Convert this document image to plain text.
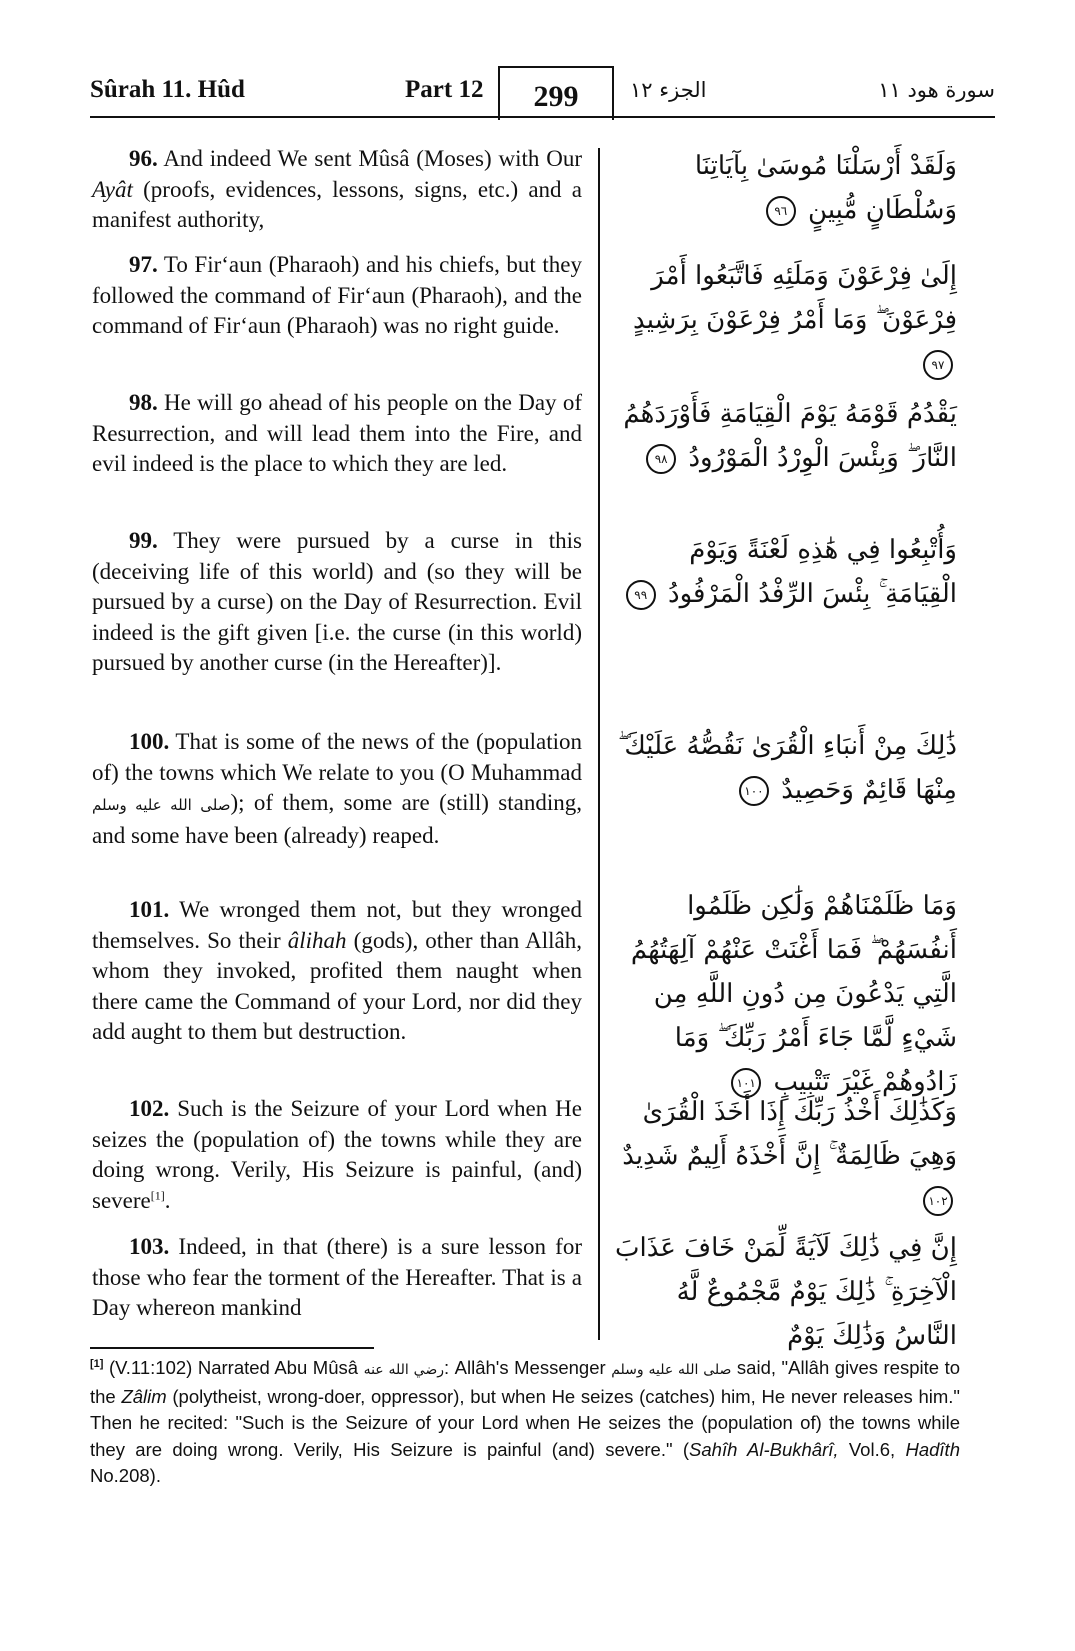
Sûrah 11. Hûd	Part 12	299	الجزء ١٢	سورة هود ١١

96. And indeed We sent Mûsâ (Moses) with Our Ayât (proofs, evidences, lessons, signs, etc.) and a manifest authority,

وَلَقَدْ أَرْسَلْنَا مُوسَىٰ بِآيَاتِنَا وَسُلْطَانٍ مُّبِينٍ ٩٦

97. To Fir‘aun (Pharaoh) and his chiefs, but they followed the command of Fir‘aun (Pharaoh), and the command of Fir‘aun (Pharaoh) was no right guide.

إِلَىٰ فِرْعَوْنَ وَمَلَئِهِ فَاتَّبَعُوا أَمْرَ فِرْعَوْنَ ۖ وَمَا أَمْرُ فِرْعَوْنَ بِرَشِيدٍ ٩٧

98. He will go ahead of his people on the Day of Resurrection, and will lead them into the Fire, and evil indeed is the place to which they are led.

يَقْدُمُ قَوْمَهُ يَوْمَ الْقِيَامَةِ فَأَوْرَدَهُمُ النَّارَ ۖ وَبِئْسَ الْوِرْدُ الْمَوْرُودُ ٩٨

99. They were pursued by a curse in this (deceiving life of this world) and (so they will be pursued by a curse) on the Day of Resurrection. Evil indeed is the gift given [i.e. the curse (in this world) pursued by another curse (in the Hereafter)].

وَأُتْبِعُوا فِي هَٰذِهِ لَعْنَةً وَيَوْمَ الْقِيَامَةِ ۚ بِئْسَ الرِّفْدُ الْمَرْفُودُ ٩٩

100. That is some of the news of the (population of) the towns which We relate to you (O Muhammad صلى الله عليه وسلم); of them, some are (still) standing, and some have been (already) reaped.

ذَٰلِكَ مِنْ أَنبَاءِ الْقُرَىٰ نَقُصُّهُ عَلَيْكَ ۖ مِنْهَا قَائِمٌ وَحَصِيدٌ ١٠٠

101. We wronged them not, but they wronged themselves. So their âlihah (gods), other than Allâh, whom they invoked, profited them naught when there came the Command of your Lord, nor did they add aught to them but destruction.

وَمَا ظَلَمْنَاهُمْ وَلَٰكِن ظَلَمُوا أَنفُسَهُمْ ۖ فَمَا أَغْنَتْ عَنْهُمْ آلِهَتُهُمُ الَّتِي يَدْعُونَ مِن دُونِ اللَّهِ مِن شَيْءٍ لَّمَّا جَاءَ أَمْرُ رَبِّكَ ۖ وَمَا زَادُوهُمْ غَيْرَ تَتْبِيبٍ ١٠١

102. Such is the Seizure of your Lord when He seizes the (population of) the towns while they are doing wrong. Verily, His Seizure is painful, (and) severe[1].

وَكَذَٰلِكَ أَخْذُ رَبِّكَ إِذَا أَخَذَ الْقُرَىٰ وَهِيَ ظَالِمَةٌ ۚ إِنَّ أَخْذَهُ أَلِيمٌ شَدِيدٌ ١٠٢

103. Indeed, in that (there) is a sure lesson for those who fear the torment of the Hereafter. That is a Day whereon mankind

إِنَّ فِي ذَٰلِكَ لَآيَةً لِّمَنْ خَافَ عَذَابَ الْآخِرَةِ ۚ ذَٰلِكَ يَوْمٌ مَّجْمُوعٌ لَّهُ النَّاسُ وَذَٰلِكَ يَوْمٌ

[1] (V.11:102) Narrated Abu Mûsâ رضي الله عنه: Allâh's Messenger صلى الله عليه وسلم said, "Allâh gives respite to the Zâlim (polytheist, wrong-doer, oppressor), but when He seizes (catches) him, He never releases him." Then he recited: "Such is the Seizure of your Lord when He seizes the (population of) the towns while they are doing wrong. Verily, His Seizure is painful (and) severe." (Sahîh Al-Bukhârî, Vol.6, Hadîth No.208).
